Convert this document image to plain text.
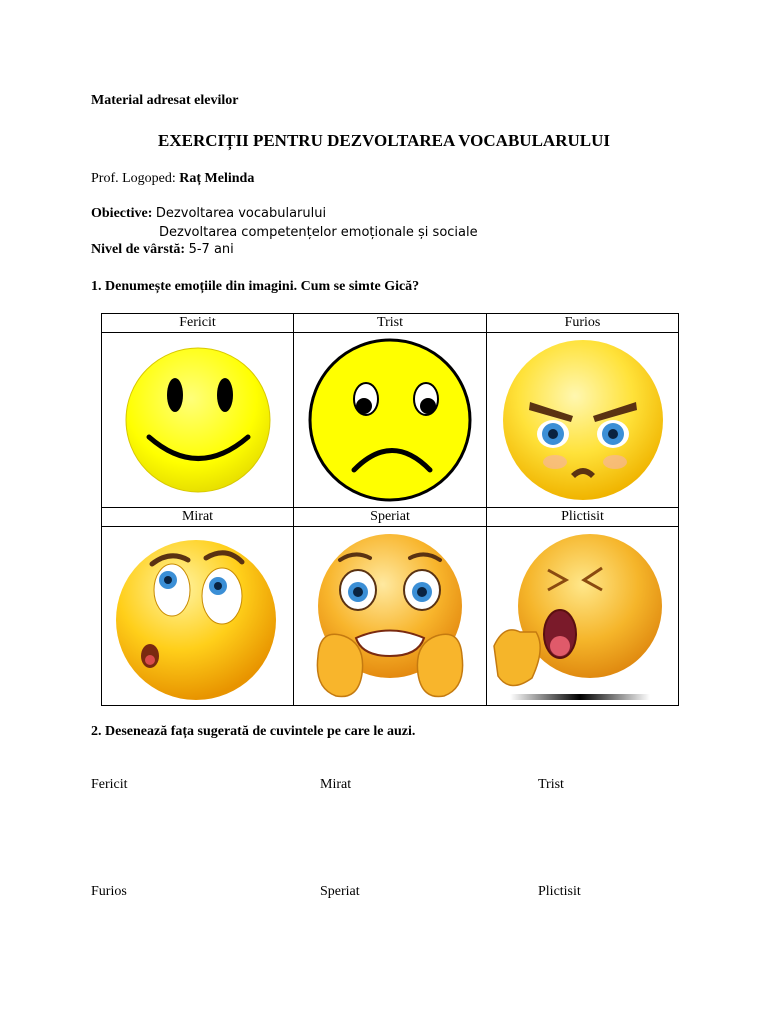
Material adresat elevilor
EXERCIȚII PENTRU DEZVOLTAREA VOCABULARULUI
Prof. Logoped: Raț Melinda
Obiective: Dezvoltarea vocabularului
Dezvoltarea competențelor emoționale și sociale
Nivel de vârstă: 5-7 ani
1. Denumește emoțiile din imagini. Cum se simte Gică?
Fericit	Trist	Furios

Mirat	Speriat	Plictisit

2. Desenează fața sugerată de cuvintele pe care le auzi.
Fericit	Mirat	Trist
Furios	Speriat	Plictisit
